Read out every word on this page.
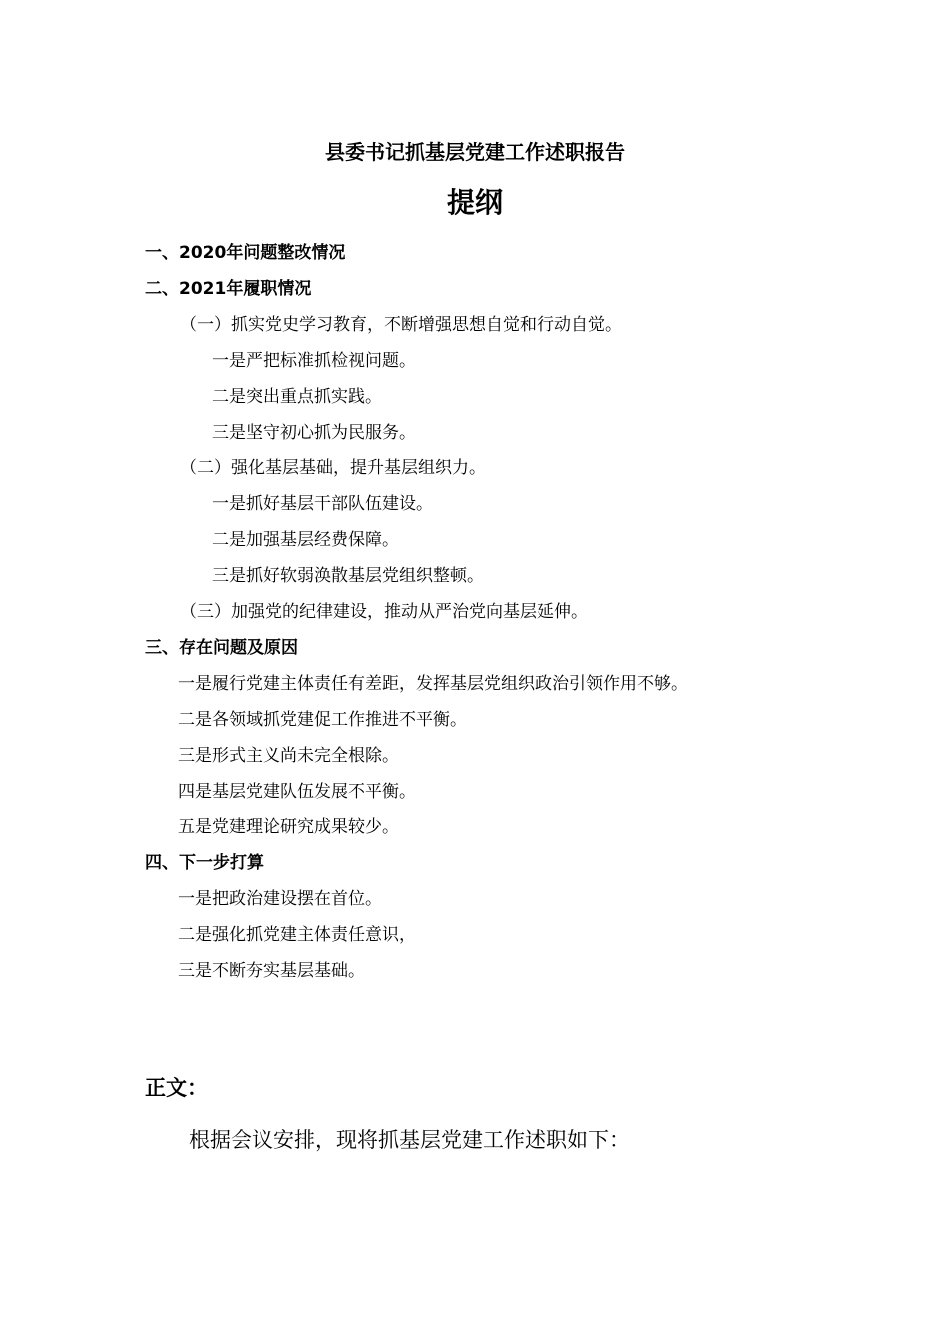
县委书记抓基层党建工作述职报告
提纲
一、2020年问题整改情况
二、2021年履职情况
（一）抓实党史学习教育，不断增强思想自觉和行动自觉。
一是严把标准抓检视问题。
二是突出重点抓实践。
三是坚守初心抓为民服务。
（二）强化基层基础，提升基层组织力。
一是抓好基层干部队伍建设。
二是加强基层经费保障。
三是抓好软弱涣散基层党组织整顿。
（三）加强党的纪律建设，推动从严治党向基层延伸。
三、存在问题及原因
一是履行党建主体责任有差距，发挥基层党组织政治引领作用不够。
二是各领域抓党建促工作推进不平衡。
三是形式主义尚未完全根除。
四是基层党建队伍发展不平衡。
五是党建理论研究成果较少。
四、下一步打算
一是把政治建设摆在首位。
二是强化抓党建主体责任意识，
三是不断夯实基层基础。
正文：
根据会议安排，现将抓基层党建工作述职如下：
